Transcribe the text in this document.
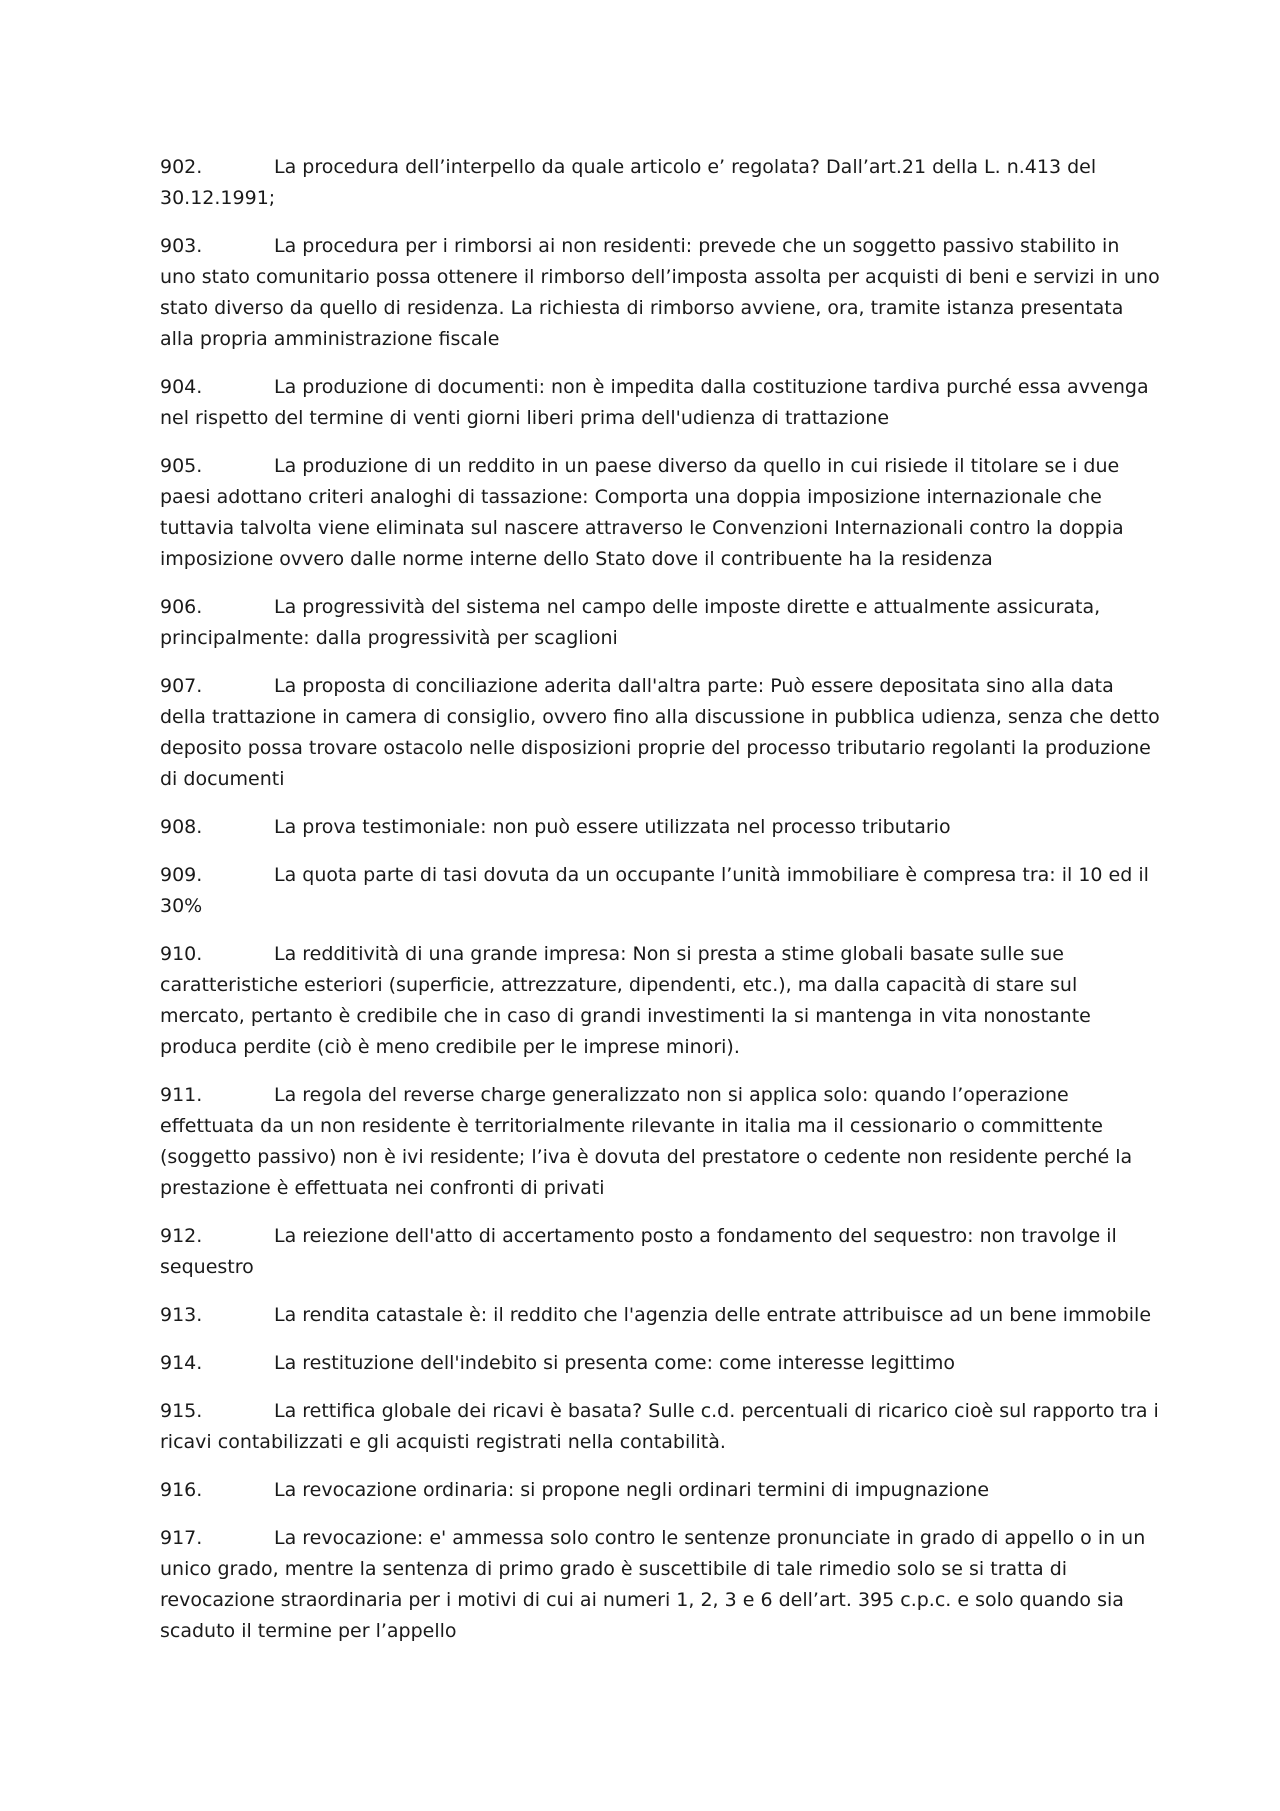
902.	La procedura dell’interpello da quale articolo e’ regolata? Dall’art.21 della L. n.413 del 30.12.1991;

903.	La procedura per i rimborsi ai non residenti: prevede che un soggetto passivo stabilito in uno stato comunitario possa ottenere il rimborso dell’imposta assolta per acquisti di beni e servizi in uno stato diverso da quello di residenza. La richiesta di rimborso avviene, ora, tramite istanza presentata alla propria amministrazione fiscale

904.	La produzione di documenti: non è impedita dalla costituzione tardiva purché essa avvenga nel rispetto del termine di venti giorni liberi prima dell'udienza di trattazione

905.	La produzione di un reddito in un paese diverso da quello in cui risiede il titolare se i due paesi adottano criteri analoghi di tassazione: Comporta una doppia imposizione internazionale che tuttavia talvolta viene eliminata sul nascere attraverso le Convenzioni Internazionali contro la doppia imposizione ovvero dalle norme interne dello Stato dove il contribuente ha la residenza

906.	La progressività del sistema nel campo delle imposte dirette e attualmente assicurata, principalmente: dalla progressività per scaglioni

907.	La proposta di conciliazione aderita dall'altra parte: Può essere depositata sino alla data della trattazione in camera di consiglio, ovvero fino alla discussione in pubblica udienza, senza che detto deposito possa trovare ostacolo nelle disposizioni proprie del processo tributario regolanti la produzione di documenti

908.	La prova testimoniale: non può essere utilizzata nel processo tributario

909.	La quota parte di tasi dovuta da un occupante l’unità immobiliare è compresa tra: il 10 ed il 30%

910.	La redditività di una grande impresa: Non si presta a stime globali basate sulle sue caratteristiche esteriori (superficie, attrezzature, dipendenti, etc.), ma dalla capacità di stare sul mercato, pertanto è credibile che in caso di grandi investimenti la si mantenga in vita nonostante produca perdite (ciò è meno credibile per le imprese minori).

911.	La regola del reverse charge generalizzato non si applica solo: quando l’operazione effettuata da un non residente è territorialmente rilevante in italia ma il cessionario o committente (soggetto passivo) non è ivi residente; l’iva è dovuta del prestatore o cedente non residente perché la prestazione è effettuata nei confronti di privati

912.	La reiezione dell'atto di accertamento posto a fondamento del sequestro: non travolge il sequestro

913.	La rendita catastale è: il reddito che l'agenzia delle entrate attribuisce ad un bene immobile

914.	La restituzione dell'indebito si presenta come: come interesse legittimo

915.	La rettifica globale dei ricavi è basata? Sulle c.d. percentuali di ricarico cioè sul rapporto tra i ricavi contabilizzati e gli acquisti registrati nella contabilità.

916.	La revocazione ordinaria: si propone negli ordinari termini di impugnazione

917.	La revocazione: e' ammessa solo contro le sentenze pronunciate in grado di appello o in un unico grado, mentre la sentenza di primo grado è suscettibile di tale rimedio solo se si tratta di revocazione straordinaria per i motivi di cui ai numeri 1, 2, 3 e 6 dell’art. 395 c.p.c. e solo quando sia scaduto il termine per l’appello
